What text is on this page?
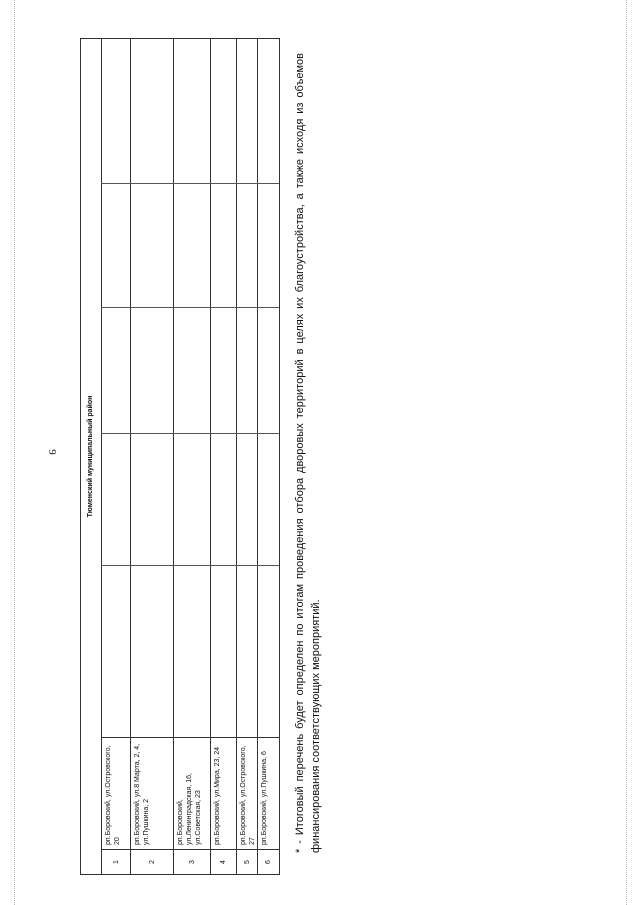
9	Тюменский муниципальный район
1
рп.Боровский, ул.Островского, 20
2
рп.Боровский, ул.8 Марта, 2, 4, ул.Пушкина, 2
3
рп.Боровский, ул.Ленинградская, 16, ул.Советская, 23
4
рп.Боровский, ул.Мира, 23, 24
5
рп.Боровский, ул.Островского, 27
6
рп.Боровский, ул.Пушкина, 6	* - Итоговый перечень будет определен по итогам проведения отбора дворовых территорий в целях их благоустройства, а также исходя из объемов финансирования соответствующих мероприятий.
